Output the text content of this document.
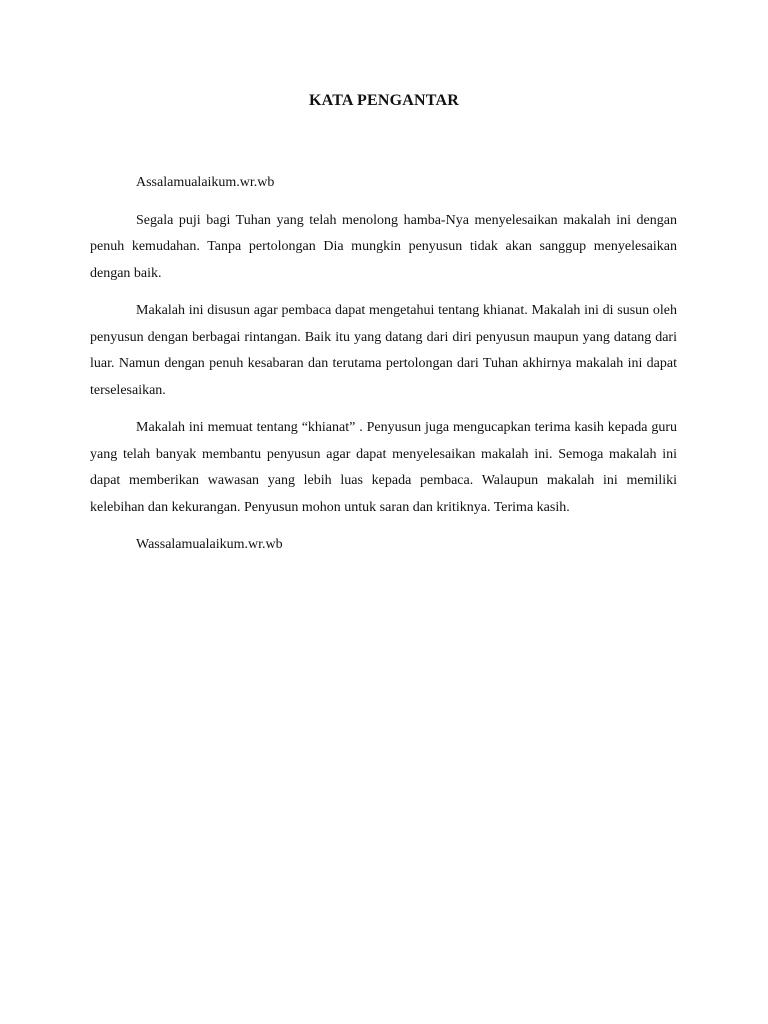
KATA PENGANTAR

Assalamualaikum.wr.wb

Segala puji bagi Tuhan yang telah menolong hamba-Nya menyelesaikan makalah ini dengan penuh kemudahan. Tanpa pertolongan Dia mungkin penyusun tidak akan sanggup menyelesaikan dengan baik.

Makalah ini disusun agar pembaca dapat mengetahui tentang khianat. Makalah ini di susun oleh penyusun dengan berbagai rintangan. Baik itu yang datang dari diri penyusun maupun yang datang dari luar. Namun dengan penuh kesabaran dan terutama pertolongan dari Tuhan akhirnya makalah ini dapat terselesaikan.

Makalah ini memuat tentang “khianat” . Penyusun juga mengucapkan terima kasih kepada guru yang telah banyak membantu penyusun agar dapat menyelesaikan makalah ini. Semoga makalah ini dapat memberikan wawasan yang lebih luas kepada pembaca. Walaupun makalah ini memiliki kelebihan dan kekurangan. Penyusun mohon untuk saran dan kritiknya. Terima kasih.

Wassalamualaikum.wr.wb
